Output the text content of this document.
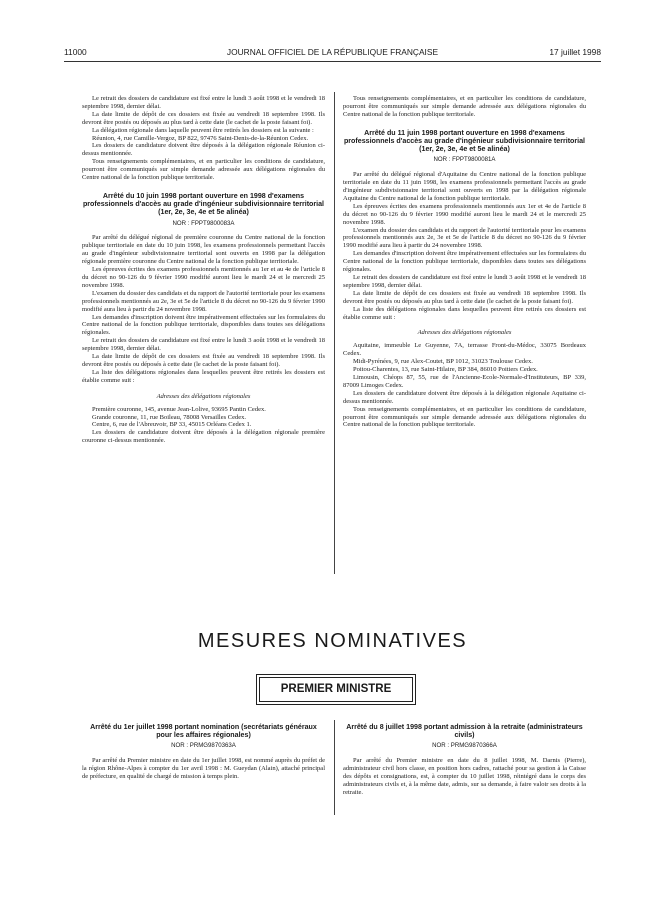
11000	JOURNAL OFFICIEL DE LA RÉPUBLIQUE FRANÇAISE	17 juillet 1998

Le retrait des dossiers de candidature est fixé entre le lundi 3 août 1998 et le vendredi 18 septembre 1998, dernier délai.

La date limite de dépôt de ces dossiers est fixée au vendredi 18 septembre 1998. Ils devront être postés ou déposés au plus tard à cette date (le cachet de la poste faisant foi).

La délégation régionale dans laquelle peuvent être retirés les dossiers est la suivante :

Réunion, 4, rue Camille-Vergoz, BP 822, 97476 Saint-Denis-de-la-Réunion Cedex.

Les dossiers de candidature doivent être déposés à la délégation régionale Réunion ci-dessus mentionnée.

Tous renseignements complémentaires, et en particulier les conditions de candidature, pourront être communiqués sur simple demande adressée aux délégations régionales du Centre national de la fonction publique territoriale.

Arrêté du 10 juin 1998 portant ouverture en 1998 d'examens professionnels d'accès au grade d'ingénieur subdivisionnaire territorial (1er, 2e, 3e, 4e et 5e alinéa)
NOR : FPPT9800083A

Par arrêté du délégué régional de première couronne du Centre national de la fonction publique territoriale en date du 10 juin 1998, les examens professionnels permettant l'accès au grade d'ingénieur subdivisionnaire territorial sont ouverts en 1998 par la délégation régionale première couronne du Centre national de la fonction publique territoriale.

Les épreuves écrites des examens professionnels mentionnés au 1er et au 4e de l'article 8 du décret no 90-126 du 9 février 1990 modifié auront lieu le mardi 24 et le mercredi 25 novembre 1998.

L'examen du dossier des candidats et du rapport de l'autorité territoriale pour les examens professionnels mentionnés au 2e, 3e et 5e de l'article 8 du décret no 90-126 du 9 février 1990 modifié aura lieu à partir du 24 novembre 1998.

Les demandes d'inscription doivent être impérativement effectuées sur les formulaires du Centre national de la fonction publique territoriale, disponibles dans toutes ses délégations régionales.

Le retrait des dossiers de candidature est fixé entre le lundi 3 août 1998 et le vendredi 18 septembre 1998, dernier délai.

La date limite de dépôt de ces dossiers est fixée au vendredi 18 septembre 1998. Ils devront être postés ou déposés à cette date (le cachet de la poste faisant foi).

La liste des délégations régionales dans lesquelles peuvent être retirés les dossiers est établie comme suit :

Adresses des délégations régionales

Première couronne, 145, avenue Jean-Lolive, 93695 Pantin Cedex.

Grande couronne, 11, rue Boileau, 78008 Versailles Cedex.

Centre, 6, rue de l'Abreuvoir, BP 33, 45015 Orléans Cedex 1.

Les dossiers de candidature doivent être déposés à la délégation régionale première couronne ci-dessus mentionnée.

Tous renseignements complémentaires, et en particulier les conditions de candidature, pourront être communiqués sur simple demande adressée aux délégations régionales du Centre national de la fonction publique territoriale.

Arrêté du 11 juin 1998 portant ouverture en 1998 d'examens professionnels d'accès au grade d'ingénieur subdivisionnaire territorial (1er, 2e, 3e, 4e et 5e alinéa)
NOR : FPPT9800081A

Par arrêté du délégué régional d'Aquitaine du Centre national de la fonction publique territoriale en date du 11 juin 1998, les examens professionnels permettant l'accès au grade d'ingénieur subdivisionnaire territorial sont ouverts en 1998 par la délégation régionale Aquitaine du Centre national de la fonction publique territoriale.

Les épreuves écrites des examens professionnels mentionnés aux 1er et 4e de l'article 8 du décret no 90-126 du 9 février 1990 modifié auront lieu le mardi 24 et le mercredi 25 novembre 1998.

L'examen du dossier des candidats et du rapport de l'autorité territoriale pour les examens professionnels mentionnés aux 2e, 3e et 5e de l'article 8 du décret no 90-126 du 9 février 1990 modifié aura lieu à partir du 24 novembre 1998.

Les demandes d'inscription doivent être impérativement effectuées sur les formulaires du Centre national de la fonction publique territoriale, disponibles dans toutes ses délégations régionales.

Le retrait des dossiers de candidature est fixé entre le lundi 3 août 1998 et le vendredi 18 septembre 1998, dernier délai.

La date limite de dépôt de ces dossiers est fixée au vendredi 18 septembre 1998. Ils devront être postés ou déposés au plus tard à cette date (le cachet de la poste faisant foi).

La liste des délégations régionales dans lesquelles peuvent être retirés ces dossiers est établie comme suit :

Adresses des délégations régionales

Aquitaine, immeuble Le Guyenne, 7A, terrasse Front-du-Médoc, 33075 Bordeaux Cedex.

Midi-Pyrénées, 9, rue Alex-Coutet, BP 1012, 31023 Toulouse Cedex.

Poitou-Charentes, 13, rue Saint-Hilaire, BP 384, 86010 Poitiers Cedex.

Limousin, Chéops 87, 55, rue de l'Ancienne-Ecole-Normale-d'Instituteurs, BP 339, 87009 Limoges Cedex.

Les dossiers de candidature doivent être déposés à la délégation régionale Aquitaine ci-dessus mentionnée.

Tous renseignements complémentaires, et en particulier les conditions de candidature, pourront être communiqués sur simple demande adressée aux délégations régionales du Centre national de la fonction publique territoriale.

MESURES NOMINATIVES
PREMIER MINISTRE
Arrêté du 1er juillet 1998 portant nomination (secrétariats généraux pour les affaires régionales)
NOR : PRMG9870363A

Par arrêté du Premier ministre en date du 1er juillet 1998, est nommé auprès du préfet de la région Rhône-Alpes à compter du 1er avril 1998 : M. Gueydan (Alain), attaché principal de préfecture, en qualité de chargé de mission à temps plein.

Arrêté du 8 juillet 1998 portant admission à la retraite (administrateurs civils)
NOR : PRMG9870366A

Par arrêté du Premier ministre en date du 8 juillet 1998, M. Darnis (Pierre), administrateur civil hors classe, en position hors cadres, rattaché pour sa gestion à la Caisse des dépôts et consignations, est, à compter du 10 juillet 1998, réintégré dans le corps des administrateurs civils et, à la même date, admis, sur sa demande, à faire valoir ses droits à la retraite.
